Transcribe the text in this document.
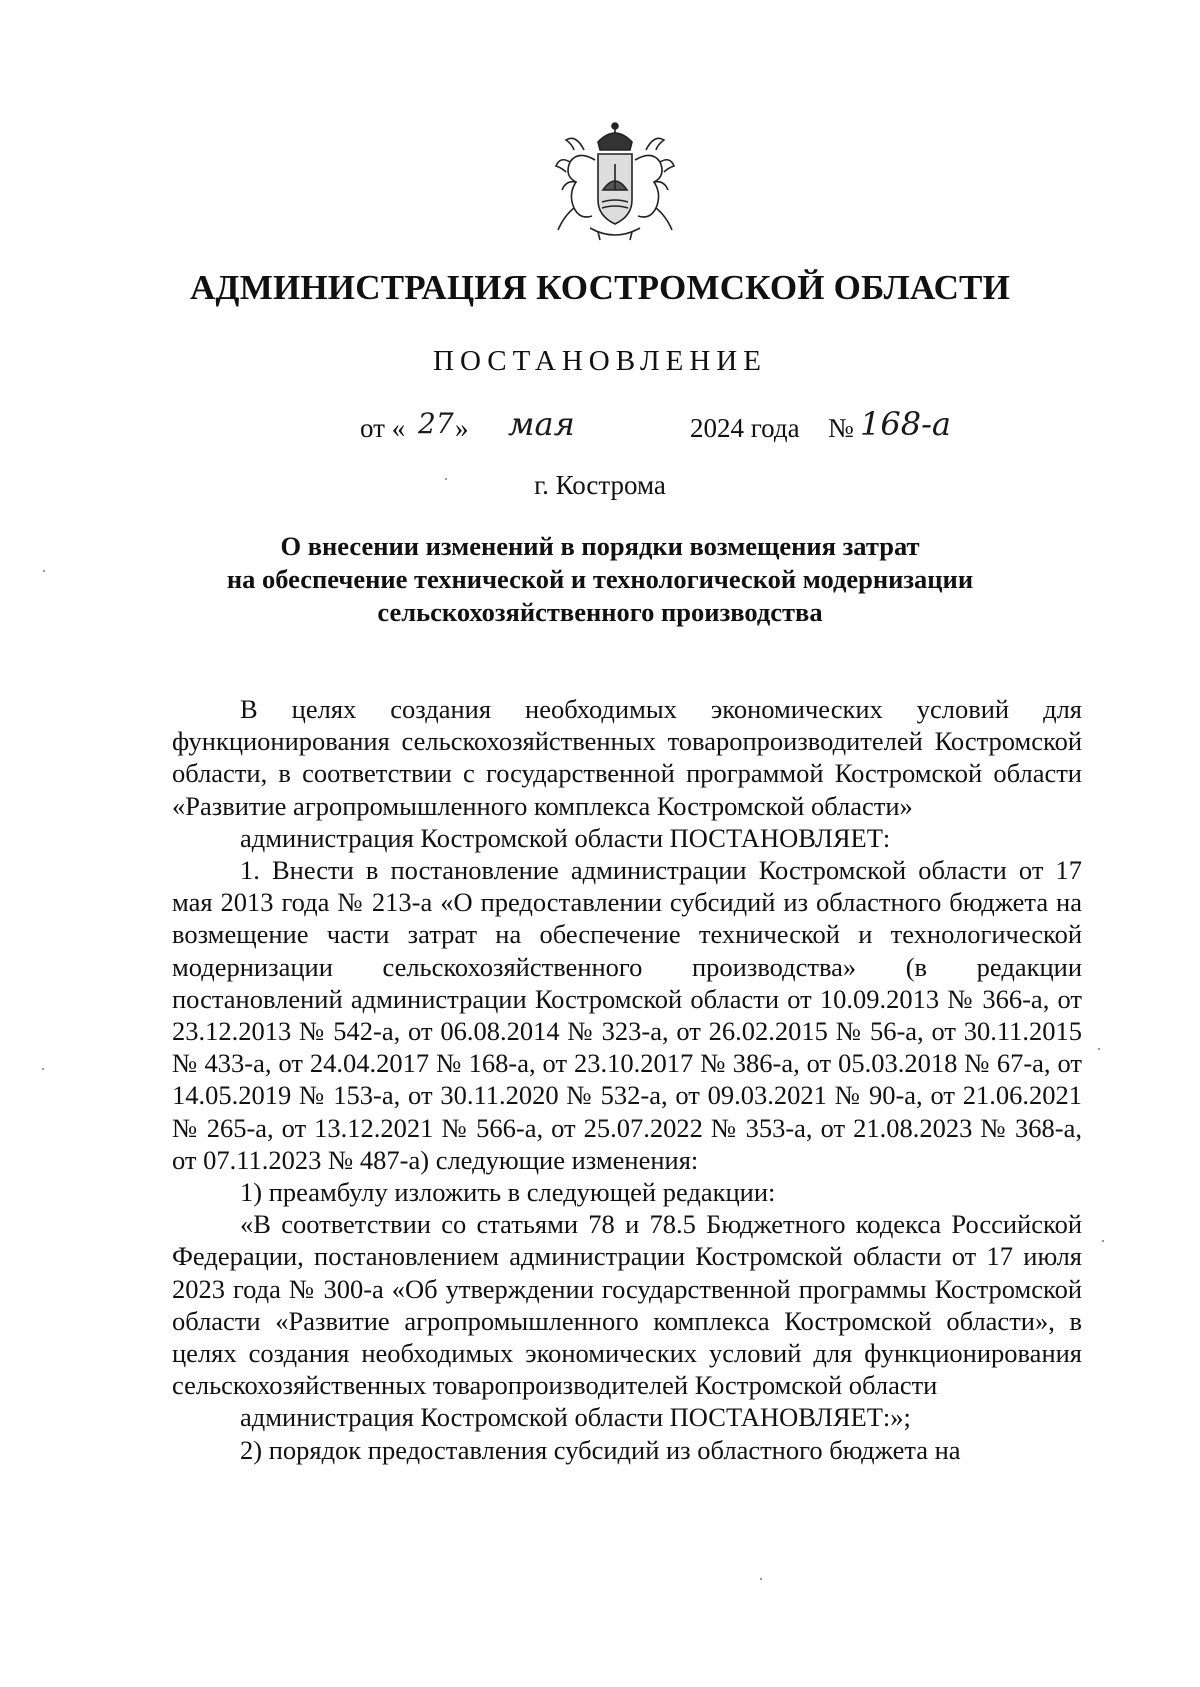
АДМИНИСТРАЦИЯ КОСТРОМСКОЙ ОБЛАСТИ
ПОСТАНОВЛЕНИЕ
от « 27 » мая	2024 года № 168-а
г. Кострома
О внесении изменений в порядки возмещения затрат
на обеспечение технической и технологической модернизации
сельскохозяйственного производства

В целях создания необходимых экономических условий для функционирования сельскохозяйственных товаропроизводителей Костромской области, в соответствии с государственной программой Костромской области «Развитие агропромышленного комплекса Костромской области»

администрация Костромской области ПОСТАНОВЛЯЕТ:

1. Внести в постановление администрации Костромской области от 17 мая 2013 года № 213-а «О предоставлении субсидий из областного бюджета на возмещение части затрат на обеспечение технической и технологической модернизации сельскохозяйственного производства» (в редакции постановлений администрации Костромской области от 10.09.2013 № 366-а, от 23.12.2013 № 542-а, от 06.08.2014 № 323-а, от 26.02.2015 № 56-а, от 30.11.2015 № 433-а, от 24.04.2017 № 168-а, от 23.10.2017 № 386-а, от 05.03.2018 № 67-а, от 14.05.2019 № 153-а, от 30.11.2020 № 532-а, от 09.03.2021 № 90-а, от 21.06.2021 № 265-а, от 13.12.2021 № 566-а, от 25.07.2022 № 353-а, от 21.08.2023 № 368-а, от 07.11.2023 № 487-а) следующие изменения:

1) преамбулу изложить в следующей редакции:

«В соответствии со статьями 78 и 78.5 Бюджетного кодекса Российской Федерации, постановлением администрации Костромской области от 17 июля 2023 года № 300-а «Об утверждении государственной программы Костромской области «Развитие агропромышленного комплекса Костромской области», в целях создания необходимых экономических условий для функционирования сельскохозяйственных товаропроизводителей Костромской области

администрация Костромской области ПОСТАНОВЛЯЕТ:»;

2) порядок предоставления субсидий из областного бюджета на
